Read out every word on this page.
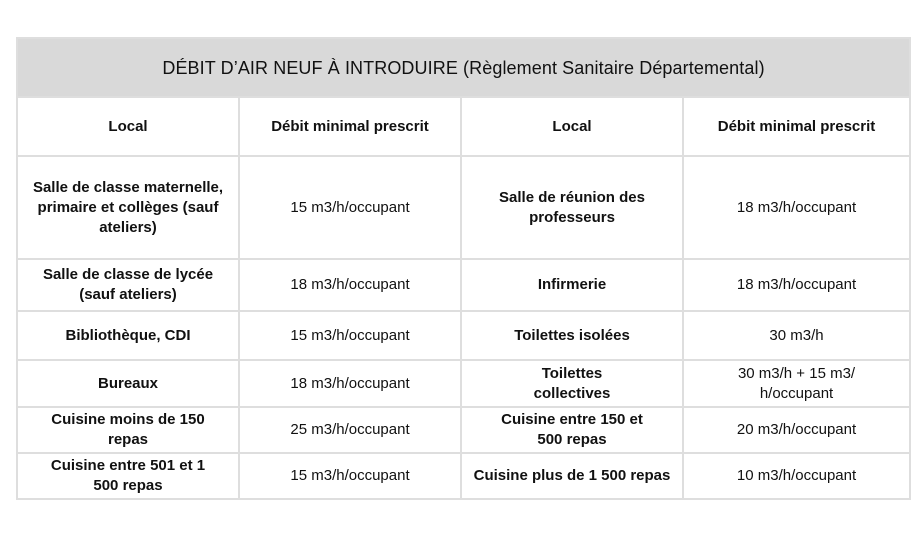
DÉBIT D’AIR NEUF À INTRODUIRE (Règlement Sanitaire Départemental)			
Local	Débit minimal prescrit	Local	Débit minimal prescrit
Salle de classe maternelle, primaire et collèges (sauf ateliers)	15 m3/h/occupant	Salle de réunion des professeurs	18 m3/h/occupant
Salle de classe de lycée (sauf ateliers)	18 m3/h/occupant	Infirmerie	18 m3/h/occupant
Bibliothèque, CDI	15 m3/h/occupant	Toilettes isolées	30 m3/h
Bureaux	18 m3/h/occupant	Toilettes collectives	30 m3/h + 15 m3/ h/occupant
Cuisine moins de 150 repas	25 m3/h/occupant	Cuisine entre 150 et 500 repas	20 m3/h/occupant
Cuisine entre 501 et 1 500 repas	15 m3/h/occupant	Cuisine plus de 1 500 repas	10 m3/h/occupant
